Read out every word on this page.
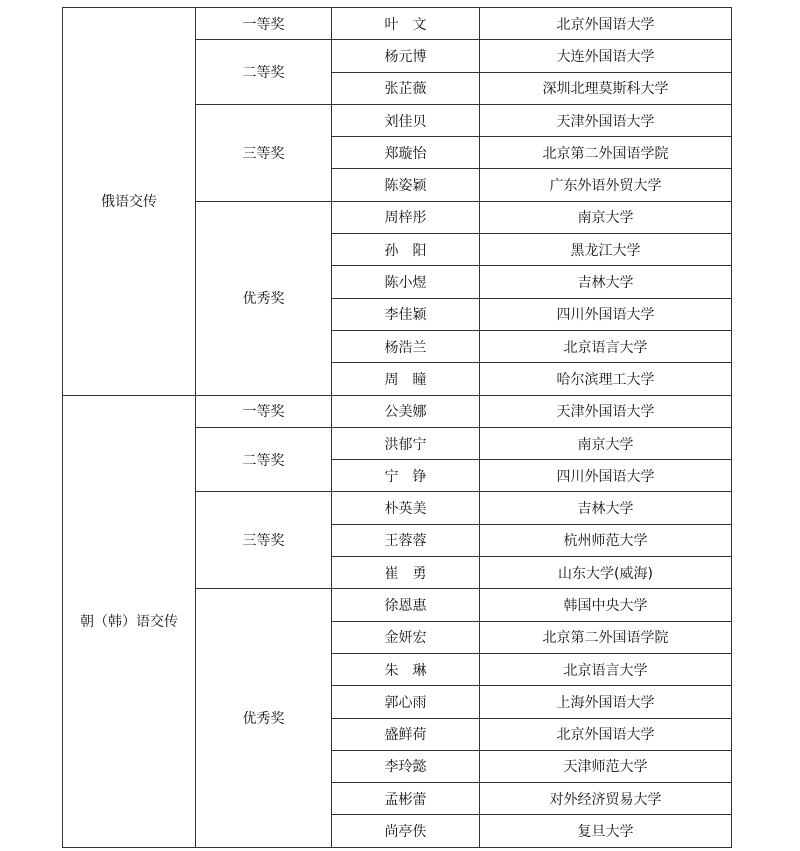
俄语交传	一等奖	叶　文	北京外国语大学
	二等奖	杨元博	大连外国语大学
		张芷薇	深圳北理莫斯科大学
	三等奖	刘佳贝	天津外国语大学
		郑璇怡	北京第二外国语学院
		陈姿颖	广东外语外贸大学
	优秀奖	周梓彤	南京大学
		孙　阳	黑龙江大学
		陈小煜	吉林大学
		李佳颖	四川外国语大学
		杨浩兰	北京语言大学
		周　瞳	哈尔滨理工大学
朝（韩）语交传	一等奖	公美娜	天津外国语大学
	二等奖	洪郁宁	南京大学
		宁　铮	四川外国语大学
	三等奖	朴英美	吉林大学
		王蓉蓉	杭州师范大学
		崔　勇	山东大学(威海)
	优秀奖	徐恩惠	韩国中央大学
		金妍宏	北京第二外国语学院
		朱　琳	北京语言大学
		郭心雨	上海外国语大学
		盛鲜荷	北京外国语大学
		李玲懿	天津师范大学
		孟彬蕾	对外经济贸易大学
		尚亭佚	复旦大学
